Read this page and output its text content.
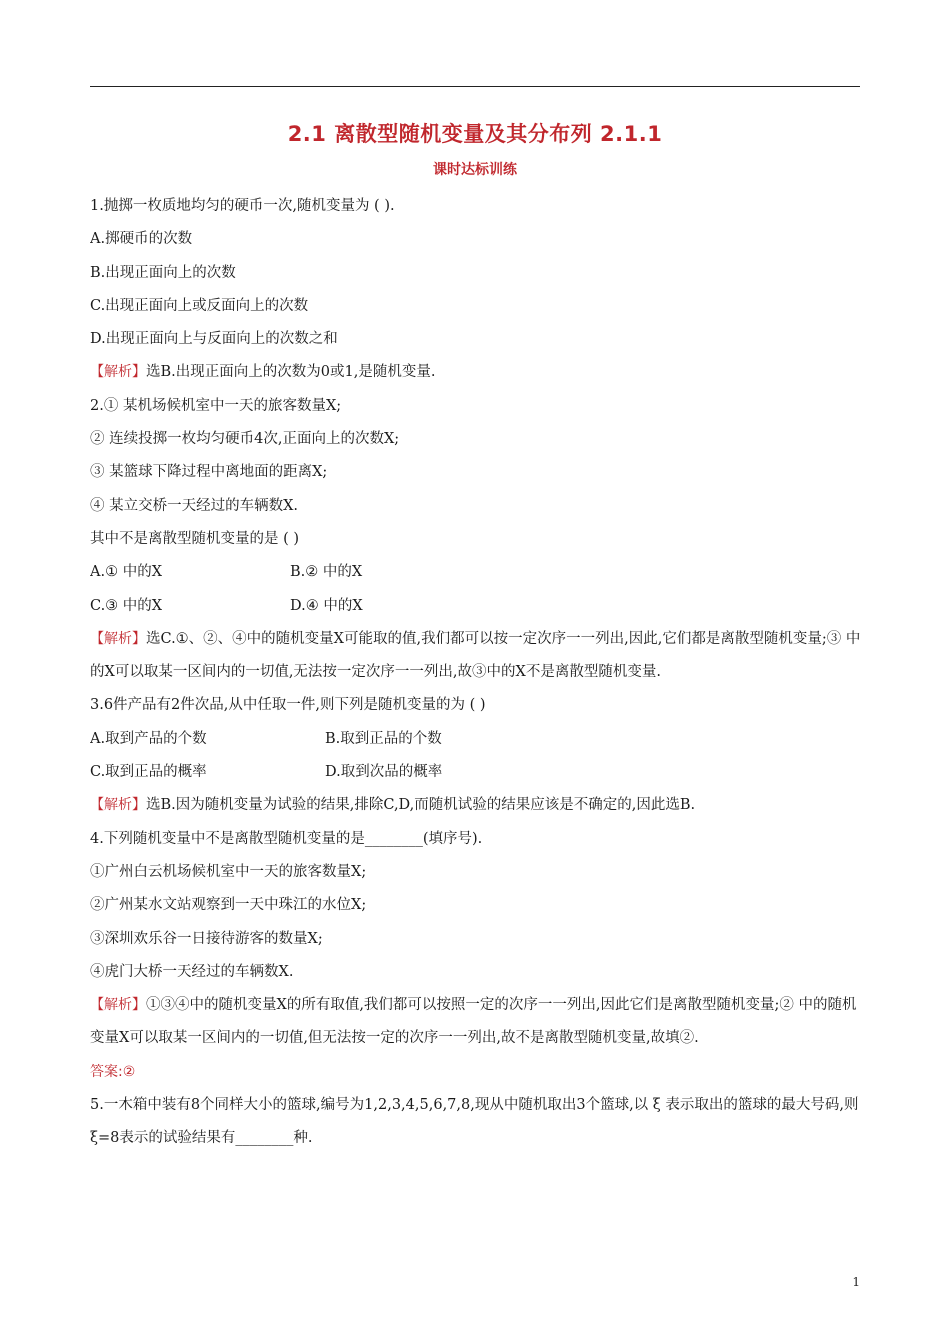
2.1 离散型随机变量及其分布列 2.1.1
课时达标训练
1.抛掷一枚质地均匀的硬币一次,随机变量为 ( ).
A.掷硬币的次数
B.出现正面向上的次数
C.出现正面向上或反面向上的次数
D.出现正面向上与反面向上的次数之和
【解析】选B.出现正面向上的次数为0或1,是随机变量.
2.① 某机场候机室中一天的旅客数量X;
② 连续投掷一枚均匀硬币4次,正面向上的次数X;
③ 某篮球下降过程中离地面的距离X;
④ 某立交桥一天经过的车辆数X.
其中不是离散型随机变量的是 ( )
A.① 中的X	B.② 中的X
C.③ 中的X	D.④ 中的X
【解析】选C.①、②、④中的随机变量X可能取的值,我们都可以按一定次序一一列出,因此,它们都是离散型随机变量;③ 中的X可以取某一区间内的一切值,无法按一定次序一一列出,故③中的X不是离散型随机变量.
3.6件产品有2件次品,从中任取一件,则下列是随机变量的为 ( )
A.取到产品的个数	B.取到正品的个数
C.取到正品的概率	D.取到次品的概率
【解析】选B.因为随机变量为试验的结果,排除C,D,而随机试验的结果应该是不确定的,因此选B.
4.下列随机变量中不是离散型随机变量的是________(填序号).
①广州白云机场候机室中一天的旅客数量X;
②广州某水文站观察到一天中珠江的水位X;
③深圳欢乐谷一日接待游客的数量X;
④虎门大桥一天经过的车辆数X.
【解析】①③④中的随机变量X的所有取值,我们都可以按照一定的次序一一列出,因此它们是离散型随机变量;② 中的随机变量X可以取某一区间内的一切值,但无法按一定的次序一一列出,故不是离散型随机变量,故填②.
答案:②
5.一木箱中装有8个同样大小的篮球,编号为1,2,3,4,5,6,7,8,现从中随机取出3个篮球,以 ξ 表示取出的篮球的最大号码,则 ξ=8表示的试验结果有________种.
1
